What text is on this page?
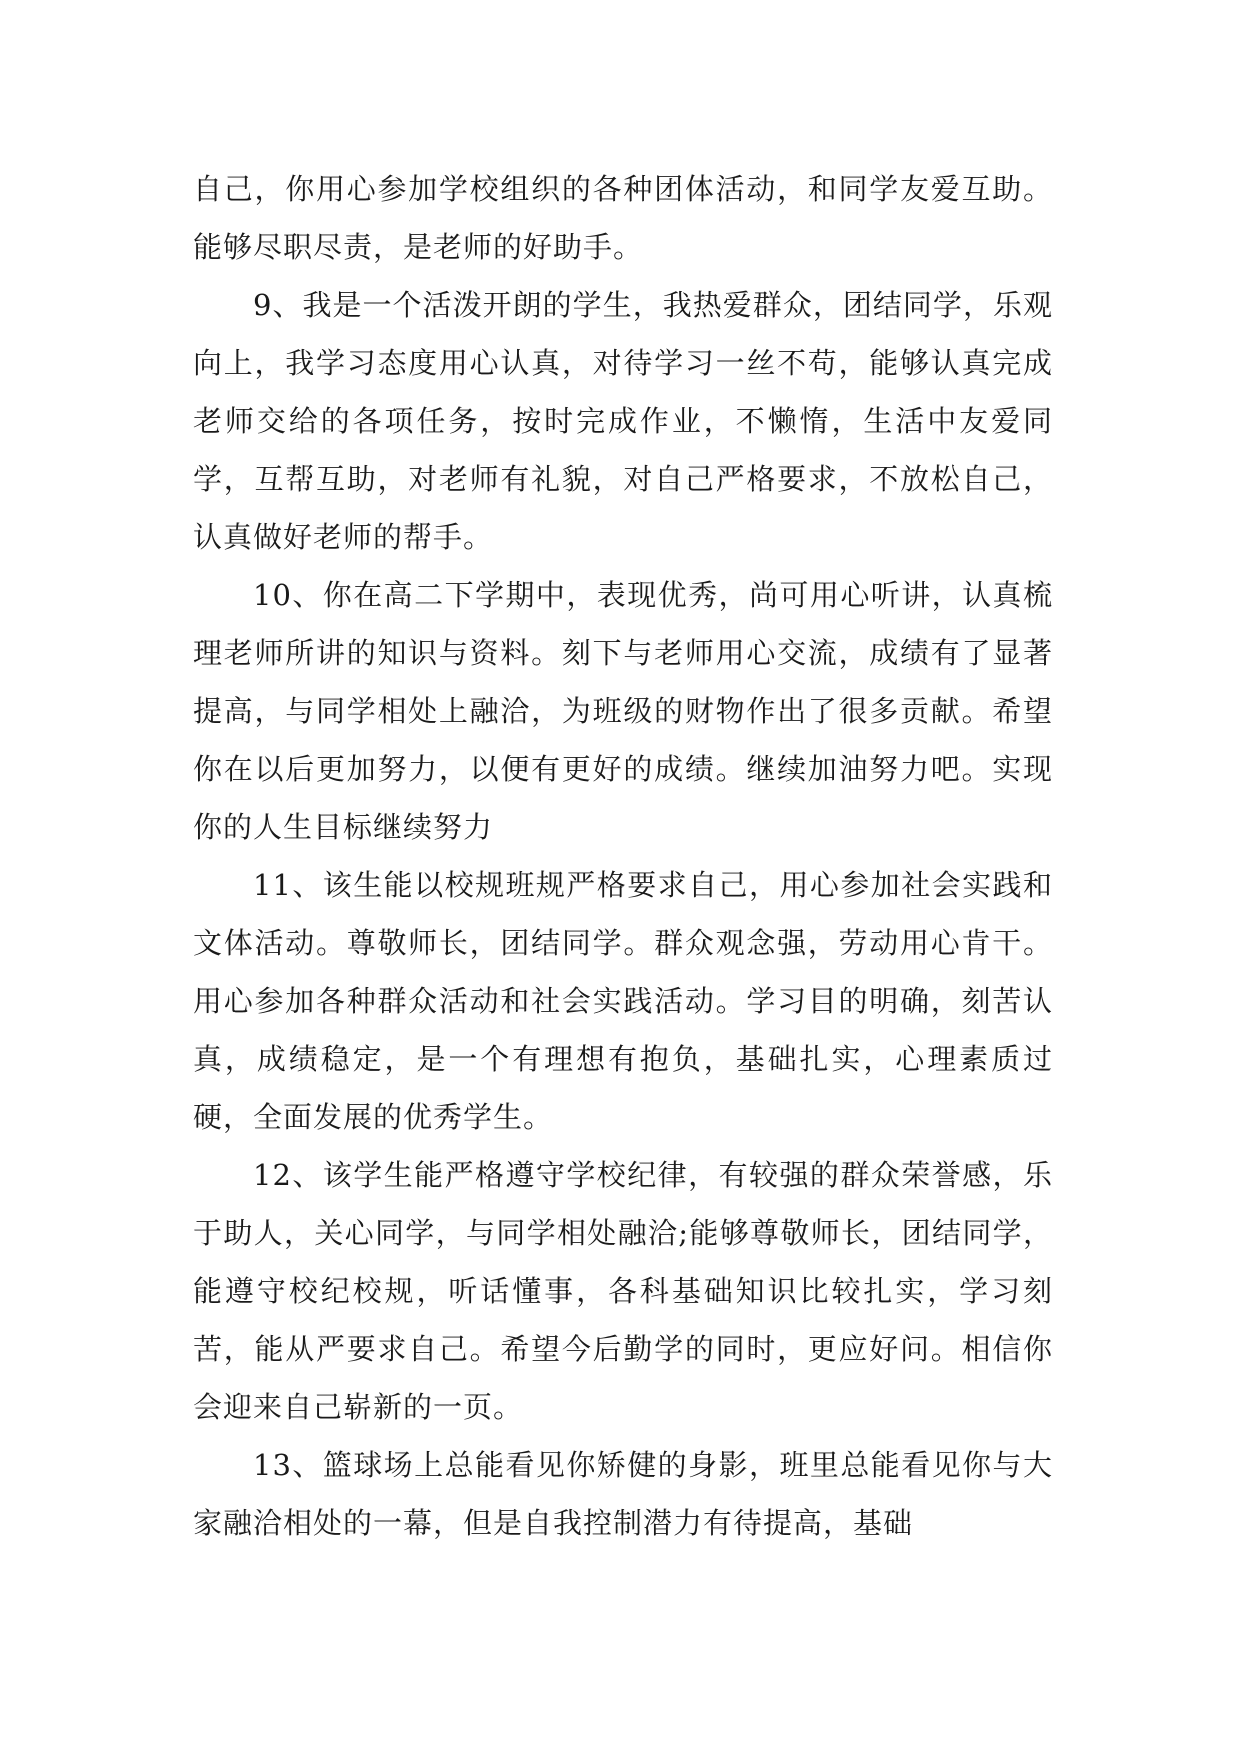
自己，你用心参加学校组织的各种团体活动，和同学友爱互助。能够尽职尽责，是老师的好助手。

9、我是一个活泼开朗的学生，我热爱群众，团结同学，乐观向上，我学习态度用心认真，对待学习一丝不苟，能够认真完成老师交给的各项任务，按时完成作业，不懒惰，生活中友爱同学，互帮互助，对老师有礼貌，对自己严格要求，不放松自己，认真做好老师的帮手。

10、你在高二下学期中，表现优秀，尚可用心听讲，认真梳理老师所讲的知识与资料。刻下与老师用心交流，成绩有了显著提高，与同学相处上融洽，为班级的财物作出了很多贡献。希望你在以后更加努力，以便有更好的成绩。继续加油努力吧。实现你的人生目标继续努力

11、该生能以校规班规严格要求自己，用心参加社会实践和文体活动。尊敬师长，团结同学。群众观念强，劳动用心肯干。用心参加各种群众活动和社会实践活动。学习目的明确，刻苦认真，成绩稳定，是一个有理想有抱负，基础扎实，心理素质过硬，全面发展的优秀学生。

12、该学生能严格遵守学校纪律，有较强的群众荣誉感，乐于助人，关心同学，与同学相处融洽;能够尊敬师长，团结同学，能遵守校纪校规，听话懂事，各科基础知识比较扎实，学习刻苦，能从严要求自己。希望今后勤学的同时，更应好问。相信你会迎来自己崭新的一页。

13、篮球场上总能看见你矫健的身影，班里总能看见你与大家融洽相处的一幕，但是自我控制潜力有待提高，基础
